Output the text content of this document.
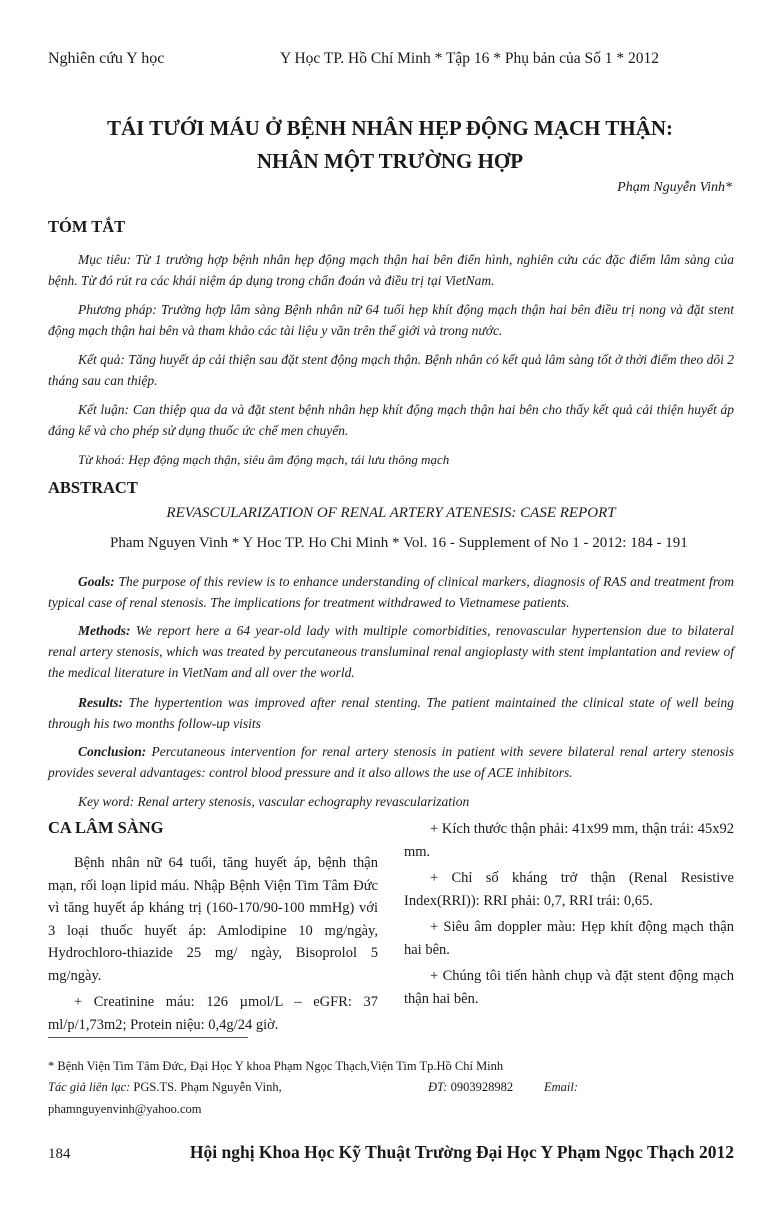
Nghiên cứu Y học	Y Học TP. Hồ Chí Minh * Tập 16 * Phụ bản của Số 1 * 2012
TÁI TƯỚI MÁU Ở BỆNH NHÂN HẸP ĐỘNG MẠCH THẬN:
NHÂN MỘT TRƯỜNG HỢP
Phạm Nguyễn Vinh*
TÓM TẮT
Mục tiêu: Từ 1 trường hợp bệnh nhân hẹp động mạch thận hai bên điển hình, nghiên cứu các đặc điểm lâm sàng của bệnh. Từ đó rút ra các khái niệm áp dụng trong chẩn đoán và điều trị tại VietNam.
Phương pháp: Trường hợp lâm sàng Bệnh nhân nữ 64 tuổi hẹp khít động mạch thận hai bên điều trị nong và đặt stent động mạch thận hai bên và tham khảo các tài liệu y văn trên thế giới và trong nước.
Kết quả: Tăng huyết áp cải thiện sau đặt stent động mạch thận. Bệnh nhân có kết quả lâm sàng tốt ở thời điểm theo dõi 2 tháng sau can thiệp.
Kết luận: Can thiệp qua da và đặt stent bệnh nhân hẹp khít động mạch thận hai bên cho thấy kết quả cải thiện huyết áp đáng kể và cho phép sử dụng thuốc ức chế men chuyển.
Từ khoá: Hẹp động mạch thận, siêu âm động mạch, tái lưu thông mạch
ABSTRACT
REVASCULARIZATION OF RENAL ARTERY ATENESIS: CASE REPORT
Pham Nguyen Vinh * Y Hoc TP. Ho Chi Minh * Vol. 16 - Supplement of No 1 - 2012: 184 - 191
Goals: The purpose of this review is to enhance understanding of clinical markers, diagnosis of RAS and treatment from typical case of renal stenosis. The implications for treatment withdrawed to Vietnamese patients.
Methods: We report here a 64 year-old lady with multiple comorbidities, renovascular hypertension due to bilateral renal artery stenosis, which was treated by percutaneous transluminal renal angioplasty with stent implantation and review of the medical literature in VietNam and all over the world.
Results: The hypertention was improved after renal stenting. The patient maintained the clinical state of well being through his two months follow-up visits
Conclusion: Percutaneous intervention for renal artery stenosis in patient with severe bilateral renal artery stenosis provides several advantages: control blood pressure and it also allows the use of ACE inhibitors.
Key word: Renal artery stenosis, vascular echography revascularization
CA LÂM SÀNG

Bệnh nhân nữ 64 tuổi, tăng huyết áp, bệnh thận mạn, rối loạn lipid máu. Nhập Bệnh Viện Tim Tâm Đức vì tăng huyết áp kháng trị (160-170/90-100 mmHg) với 3 loại thuốc huyết áp: Amlodipine 10 mg/ngày, Hydrochloro-thiazide 25 mg/ ngày, Bisoprolol 5 mg/ngày.

+ Creatinine máu: 126 µmol/L – eGFR: 37 ml/p/1,73m2; Protein niệu: 0,4g/24 giờ.

+ Kích thước thận phải: 41x99 mm, thận trái: 45x92 mm.

+ Chỉ số kháng trở thận (Renal Resistive Index(RRI)): RRI phải: 0,7, RRI trái: 0,65.

+ Siêu âm doppler màu: Hẹp khít động mạch thận hai bên.

+ Chúng tôi tiến hành chụp và đặt stent động mạch thận hai bên.

* Bệnh Viện Tim Tâm Đức, Đại Học Y khoa Phạm Ngọc Thạch,Viện Tim Tp.Hồ Chí Minh
Tác giả liên lạc: PGS.TS. Phạm Nguyễn Vinh,	ĐT: 0903928982 Email:
phamnguyenvinh@yahoo.com
184	Hội nghị Khoa Học Kỹ Thuật Trường Đại Học Y Phạm Ngọc Thạch 2012
